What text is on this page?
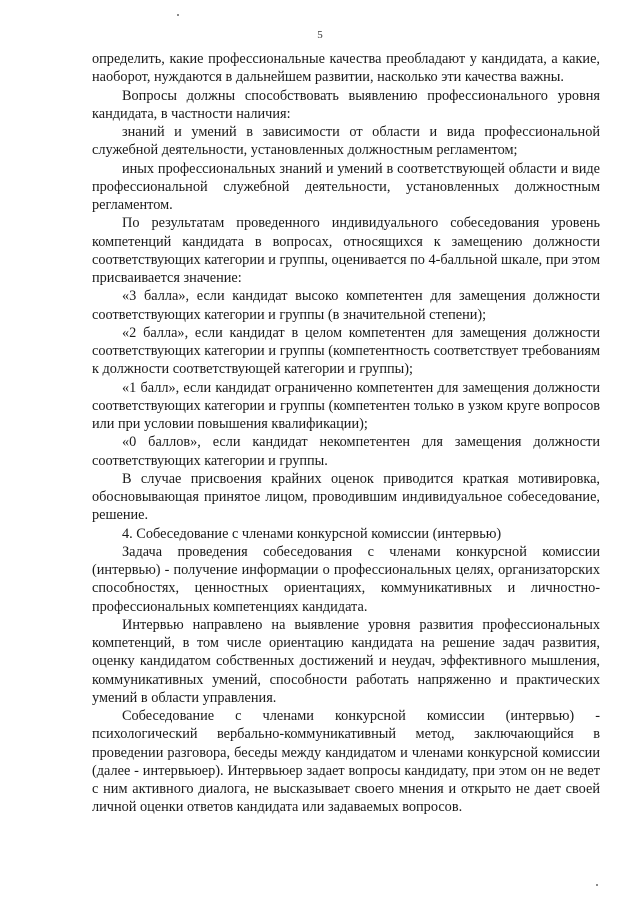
5

определить, какие профессиональные качества преобладают у кандидата, а какие, наоборот, нуждаются в дальнейшем развитии, насколько эти качества важны.

Вопросы должны способствовать выявлению профессионального уровня кандидата, в частности наличия:

знаний и умений в зависимости от области и вида профессиональной служебной деятельности, установленных должностным регламентом;

иных профессиональных знаний и умений в соответствующей области и виде профессиональной служебной деятельности, установленных должностным регламентом.

По результатам проведенного индивидуального собеседования уровень компетенций кандидата в вопросах, относящихся к замещению должности соответствующих категории и группы, оценивается по 4-балльной шкале, при этом присваивается значение:

«3 балла», если кандидат высоко компетентен для замещения должности соответствующих категории и группы (в значительной степени);

«2 балла», если кандидат в целом компетентен для замещения должности соответствующих категории и группы (компетентность соответствует требованиям к должности соответствующей категории и группы);

«1 балл», если кандидат ограниченно компетентен для замещения должности соответствующих категории и группы (компетентен только в узком круге вопросов или при условии повышения квалификации);

«0 баллов», если кандидат некомпетентен для замещения должности соответствующих категории и группы.

В случае присвоения крайних оценок приводится краткая мотивировка, обосновывающая принятое лицом, проводившим индивидуальное собеседование, решение.

4. Собеседование с членами конкурсной комиссии (интервью)

Задача проведения собеседования с членами конкурсной комиссии (интервью) - получение информации о профессиональных целях, организаторских способностях, ценностных ориентациях, коммуникативных и личностно-профессиональных компетенциях кандидата.

Интервью направлено на выявление уровня развития профессиональных компетенций, в том числе ориентацию кандидата на решение задач развития, оценку кандидатом собственных достижений и неудач, эффективного мышления, коммуникативных умений, способности работать напряженно и практических умений в области управления.

Собеседование с членами конкурсной комиссии (интервью) - психологический вербально-коммуникативный метод, заключающийся в проведении разговора, беседы между кандидатом и членами конкурсной комиссии (далее - интервьюер). Интервьюер задает вопросы кандидату, при этом он не ведет с ним активного диалога, не высказывает своего мнения и открыто не дает своей личной оценки ответов кандидата или задаваемых вопросов.
